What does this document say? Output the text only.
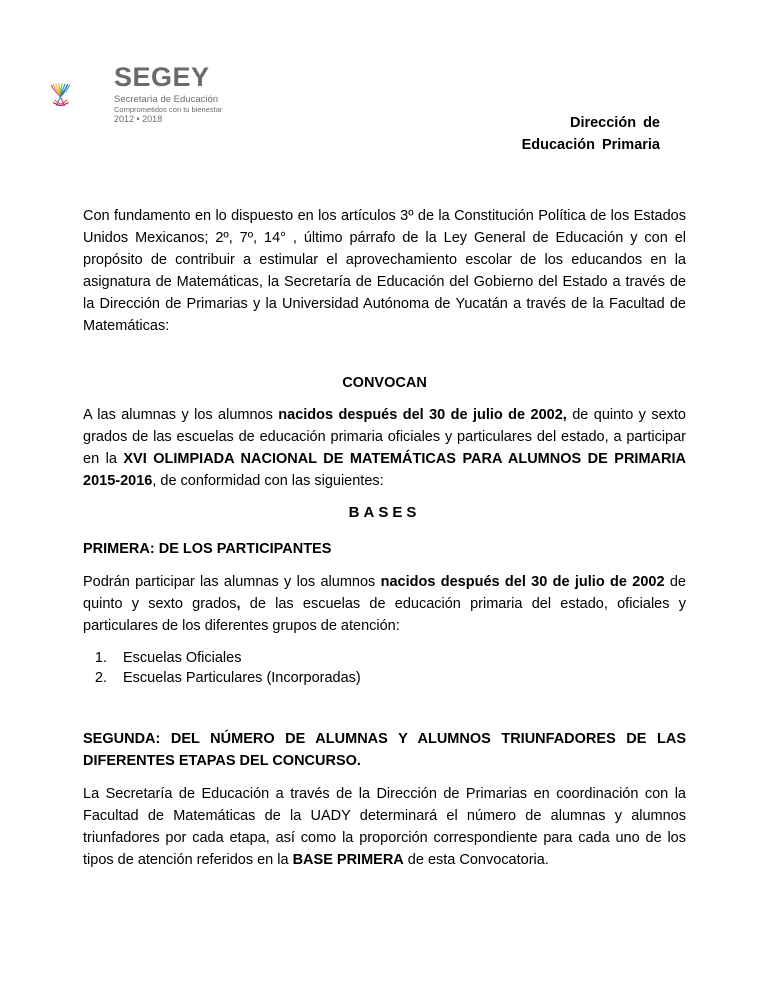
SEGEY
Secretaría de Educación
Comprometidos con tu bienestar
2012 • 2018	Dirección de
Educación Primaria

Con fundamento en lo dispuesto en los artículos 3º de la Constitución Política de los Estados Unidos Mexicanos; 2º, 7º, 14° , último párrafo de la Ley General de Educación y con el propósito de contribuir a estimular el aprovechamiento escolar de los educandos en la asignatura de Matemáticas, la Secretaría de Educación del Gobierno del Estado a través de la Dirección de Primarias y la Universidad Autónoma de Yucatán a través de la Facultad de Matemáticas:

CONVOCAN

A las alumnas y los alumnos nacidos después del 30 de julio de 2002, de quinto y sexto grados de las escuelas de educación primaria oficiales y particulares del estado, a participar en la XVI OLIMPIADA NACIONAL DE MATEMÁTICAS PARA ALUMNOS DE PRIMARIA 2015-2016, de conformidad con las siguientes:

BASES
PRIMERA: DE LOS PARTICIPANTES

Podrán participar las alumnas y los alumnos nacidos después del 30 de julio de 2002 de quinto y sexto grados, de las escuelas de educación primaria del estado, oficiales y particulares de los diferentes grupos de atención:

1. Escuelas Oficiales
2. Escuelas Particulares (Incorporadas)

SEGUNDA: DEL NÚMERO DE ALUMNAS Y ALUMNOS TRIUNFADORES DE LAS DIFERENTES ETAPAS DEL CONCURSO.

La Secretaría de Educación a través de la Dirección de Primarias en coordinación con la Facultad de Matemáticas de la UADY determinará el número de alumnas y alumnos triunfadores por cada etapa, así como la proporción correspondiente para cada uno de los tipos de atención referidos en la BASE PRIMERA de esta Convocatoria.
